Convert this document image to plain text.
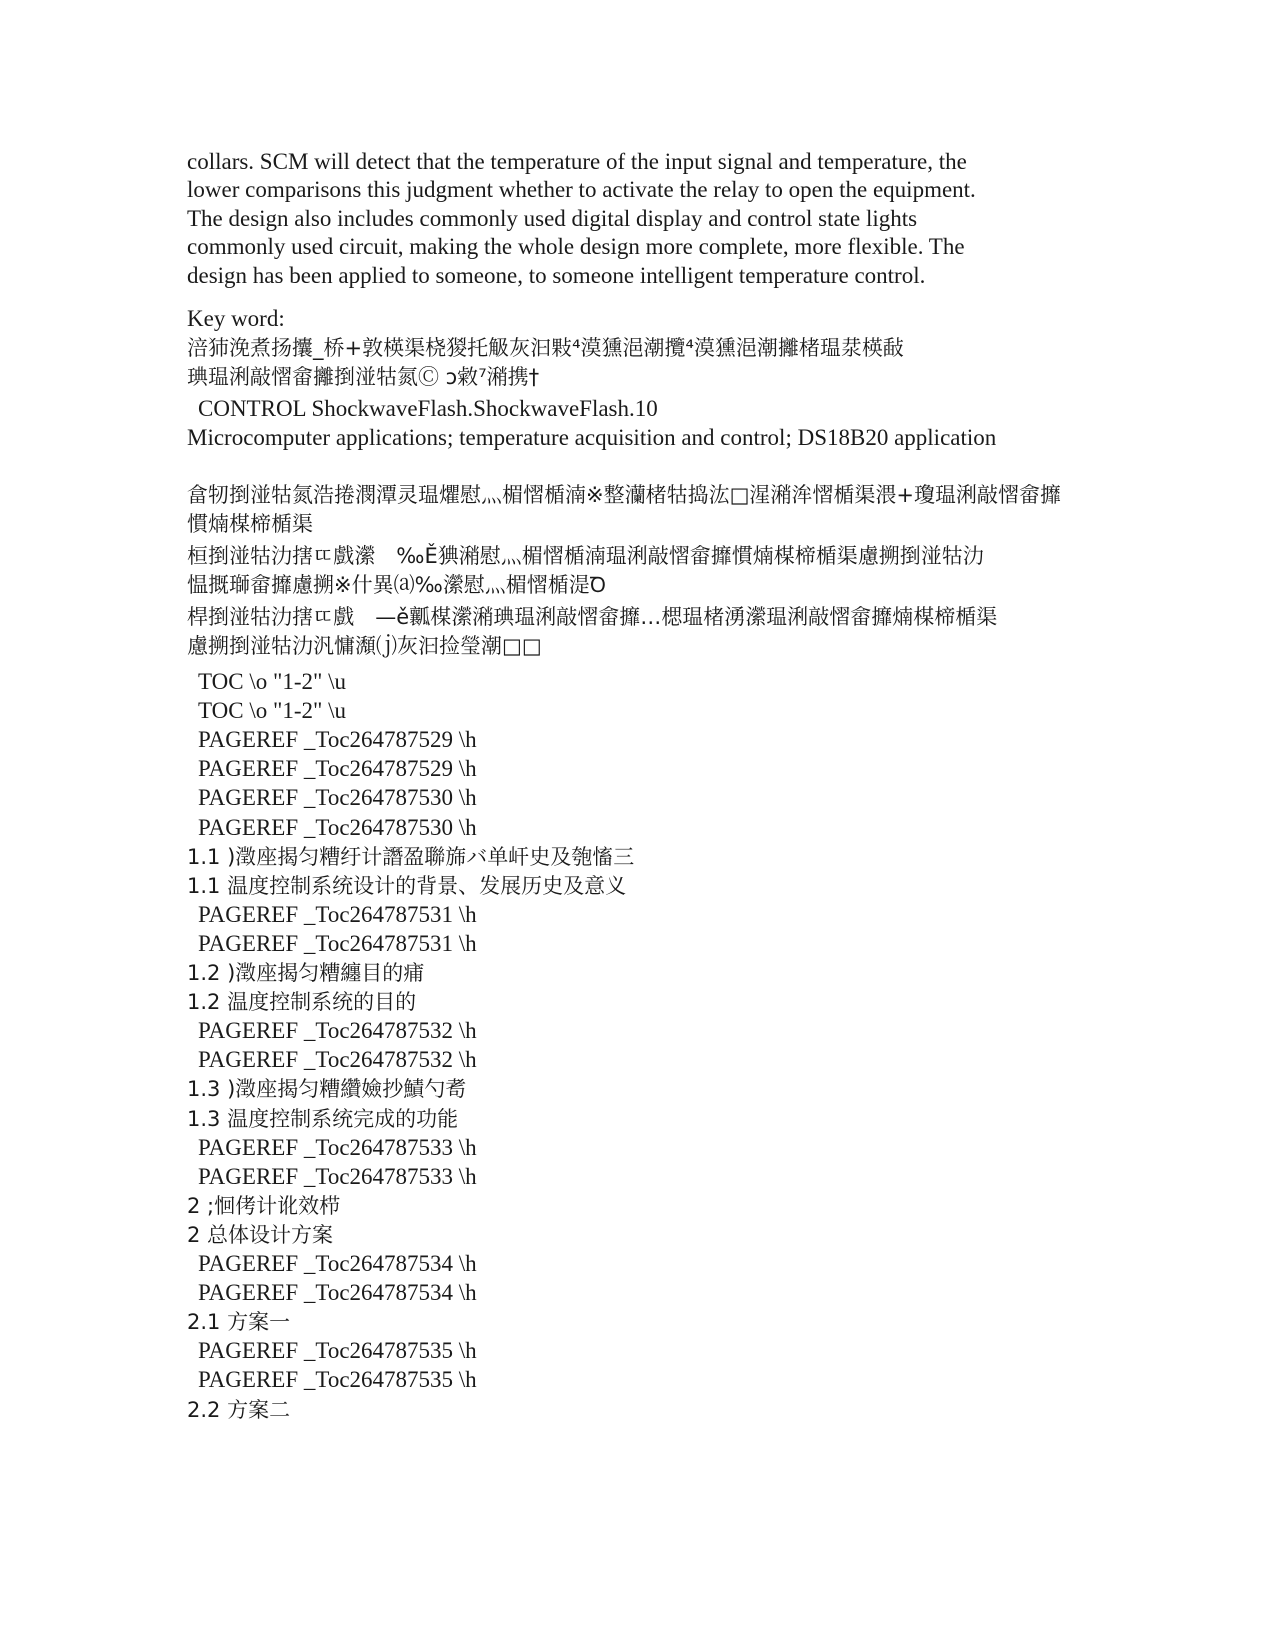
collars. SCM will detect that the temperature of the input signal and temperature, the
lower comparisons this judgment whether to activate the relay to open the equipment.
The design also includes commonly used digital display and control state lights
commonly used circuit, making the whole design more complete, more flexible. The
design has been applied to someone, to someone intelligent temperature control.

Key word:
涪犻浼煮扬攮_桥+敦楧渠桡猣托觙灰汩敤⁴漠獯浥潮攬⁴漠獯浥潮攡楮瑥汬楧敮
琠瑥浰敲慴畲攡捯湴牯氮Ⓒ ɔ敹⁷潲携†
CONTROL ShockwaveFlash.ShockwaveFlash.10
Microcomputer applications; temperature acquisition and control; DS18B20 application
畣牣捯湴牯氮浩捲潣潭灵瑥爠慰灬楣慴楯湳※整灡楮牯捣汯□湦潲洠慴楯渠渨+瓊瑥浰敲慴畲攠
慣煵楳楴楯渠
桓捯湴牯氻搳ㄸ戲瀠　‰Ě猠潲慰灬楣慴楯湳瑥浰敲慴畲攠慣煵楳楴楯渠慮搠捯湴牯氻
愠摡瑡畲攠慮搠※什異⒜‰瀠慰灬楣慴楯湜Ꝺ
桿捯湴牯氻搳ㄸ戲　—ě瓤楳瀠潲琠瑥浰敲慴畲攠…楒瑥楮湧瀠瑥浰敲慴畲攠煵楳楴楯渠
慮搠捯湴牯氻汎慵瀩⒥灰汩捡瑩潮□□
TOC \o "1-2" \u
TOC \o "1-2" \u
PAGEREF _Toc264787529 \h
PAGEREF _Toc264787529 \h
PAGEREF _Toc264787530 \h
PAGEREF _Toc264787530 \h
1.1 )澂座揭匀糟纡计譖盈聯旆バ单屽史及匏慉三
1.1 温度控制系统设计的背景、发展历史及意义
PAGEREF _Toc264787531 \h
PAGEREF _Toc264787531 \h
1.2 )澂座揭匀糟纏目的痡
1.2 温度控制系统的目的
PAGEREF _Toc264787532 \h
PAGEREF _Toc264787532 \h
1.3 )澂座揭匀糟纘嬐抄鰿勺耉
1.3 温度控制系统完成的功能
PAGEREF _Toc264787533 \h
PAGEREF _Toc264787533 \h
2 ;恛侤计讹效栉
2 总体设计方案
PAGEREF _Toc264787534 \h
PAGEREF _Toc264787534 \h
2.1 方案一
PAGEREF _Toc264787535 \h
PAGEREF _Toc264787535 \h
2.2 方案二
